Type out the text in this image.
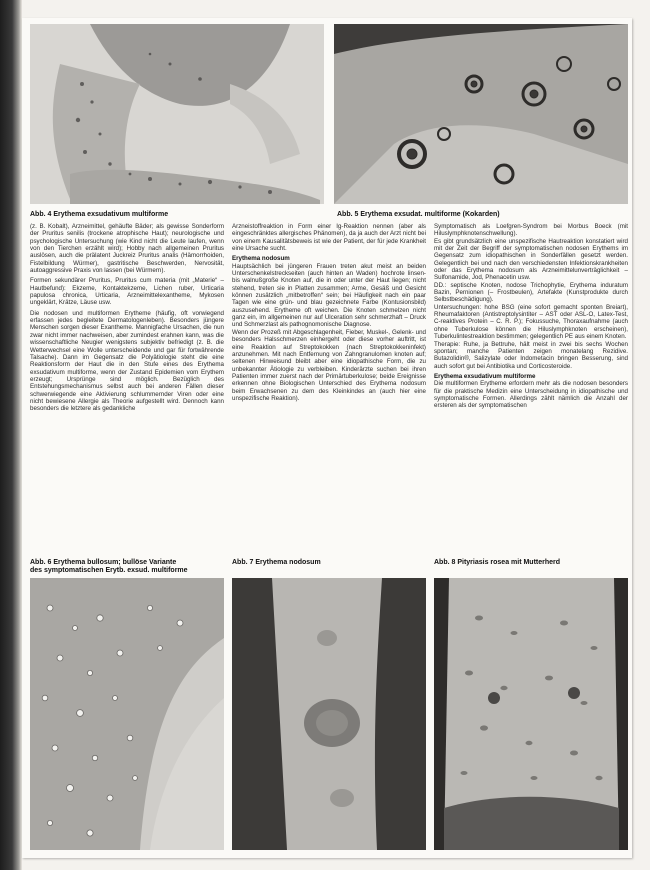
Abb. 4 Erythema exsudativum multiforme	Abb. 5 Erythema exsudat. multiforme (Kokarden)

(z. B. Kobalt), Arzneimittel, gehäufte Bäder; als gewisse Sonderform der Pruritus senilis (trockene atrophische Haut); neurologische und psychologische Untersuchung (wie Kind nicht die Leute laufen, wenn von den Tierchen erzählt wird); Hobby nach allgemeinen Pruritus auslösen, auch die prälatent Juckreiz Pruritus analis (Hämorrhoiden, Fistelbildung Würmer), gastritische Beschwerden, Nervosität, autoaggressive Praxis von lassen (bei Würmern).

Formen sekundärer Pruritus, Pruritus cum materia (mit „Materie“ – Hautbefund): Ekzeme, Kontaktekzeme, Lichen ruber, Urticaria papulosa chronica, Urticaria, Arzneimittelexantheme, Mykosen ungeklärt, Krätze, Läuse usw.

Die nodosen und multiformen Erytheme (häufig, oft vorwiegend erfassen jedes begleitete Dermatologenleben). Besonders jüngere Menschen sorgen dieser Exantheme. Mannigfache Ursachen, die nun zwar nicht immer nachweisen, aber zumindest erahnen kann, was die wissenschaftliche Neugier wenigstens subjektiv befriedigt (z. B. die Wetterwechsel eine Wolle unterscheidende und gar für fortwährende Talsache). Dann im Gegensatz die Polyätiologie steht die eine Reaktionsform der Haut die in den Stufe eines des Erythema exsudativum multiforme, wenn der Zustand Epidemien vom Erythem erzeugt; Ursprünge sind möglich. Bezüglich des Entstehungsmechanismus selbst auch bei anderen Fällen dieser schwerwiegende eine Aktivierung schlummernder Viren oder eine nicht bewiesene Allergie als Theorie aufgestellt wird. Dennoch kann besonders die letztere als gedankliche

Arzneistoffreaktion in Form einer Ig-Reaktion nennen (aber als eingeschränktes allergisches Phänomen), da ja auch der Arzt nicht bei von einem Kausalitätsbeweis ist wie der Patient, der für jede Krankheit eine Ursache sucht.

Erythema nodosum

Hauptsächlich bei jüngeren Frauen treten akut meist an beiden Unterschenkelstreckseiten (auch hinten an Waden) hochrote linsen- bis walnußgroße Knoten auf, die in oder unter der Haut liegen; nicht stehend, treten sie in Platten zusammen; Arme, Gesäß und Gesicht können zusätzlich „mitbetroffen“ sein; bei Häufigkeit nach ein paar Tagen wie eine grün- und blau gezeichnete Farbe (Kontusionsbild) auszusehend. Erytheme oft weichen. Die Knoten schmelzen nicht ganz ein, im allgemeinen nur auf Ulceration sehr schmerzhaft – Druck und Schmerzlast als pathognomonische Diagnose.

Wenn der Prozeß mit Abgeschlagenheit, Fieber, Muskel-, Gelenk- und besonders Halsschmerzen einhergeht oder diese vorher auftritt, ist eine Reaktion auf Streptokokken (nach Streptokokkeninfekt) anzunehmen. Mit nach Entfernung von Zahngranulomen knoten auf; seltenen Hinweisund bleibt aber eine idiopathische Form, die zu unbekannter Ätiologie zu verbleiben. Kinderärzte suchen bei ihren Patienten immer zuerst nach der Primärtuberkulose; beide Ereignisse erkennen ohne Biologischen Unterschied des Erythema nodosum beim Erwachsenen zu dem des Kleinkindes an (auch hier eine unspezifische Reaktion).

Symptomatisch als Loefgren-Syndrom bei Morbus Boeck (mit Hiluslymphknotenschwellung).

Es gibt grundsätzlich eine unspezifische Hautreaktion konstatiert wird mit der Zeit der Begriff der symptomatischen nodosen Erythems im Gegensatz zum idiopathischen in Sonderfällen gesetzt werden. Gelegentlich bei und nach den verschiedensten Infektionskrankheiten oder das Erythema nodosum als Arzneimittelunverträglichkeit – Sulfonamide, Jod, Phenacetin usw.

DD.: septische Knoten, nodose Trichophytie, Erythema induratum Bazin, Pernionen (– Frostbeulen), Artefakte (Kunstprodukte durch Selbstbeschädigung).

Untersuchungen: hohe BSG (eine sofort gemacht sponten Breiart), Rheumafaktoren (Antistreptolysintiter – AST oder ASL-O, Latex-Test, C-reaktives Protein – C. R. P.); Fokussuche, Thoraxaufnahme (auch ohne Tuberkulose können die Hiluslymphknoten erscheinen), Tuberkulintestreaktion bestimmen; gelegentlich PE aus einem Knoten.

Therapie: Ruhe, ja Bettruhe, hält meist in zwei bis sechs Wochen spontan; manche Patienten zeigen monatelang Rezidive. Butazolidin®, Salizylate oder Indometacin bringen Besserung, sind auch sofort gut bei Antibiotika und Corticosteroide.

Erythema exsudativum multiforme

Die multiformen Erytheme erfordern mehr als die nodosen besonders für die praktische Medizin eine Unterscheidung in idiopathische und symptomatische Formen. Allerdings zählt nämlich die Anzahl der ersteren als der symptomatischen

Abb. 6 Erythema bullosum; bullöse Variante
des symptomatischen Erytb. exsud. multiforme
Abb. 7 Erythema nodosum	Abb. 8 Pityriasis rosea mit Mutterherd
